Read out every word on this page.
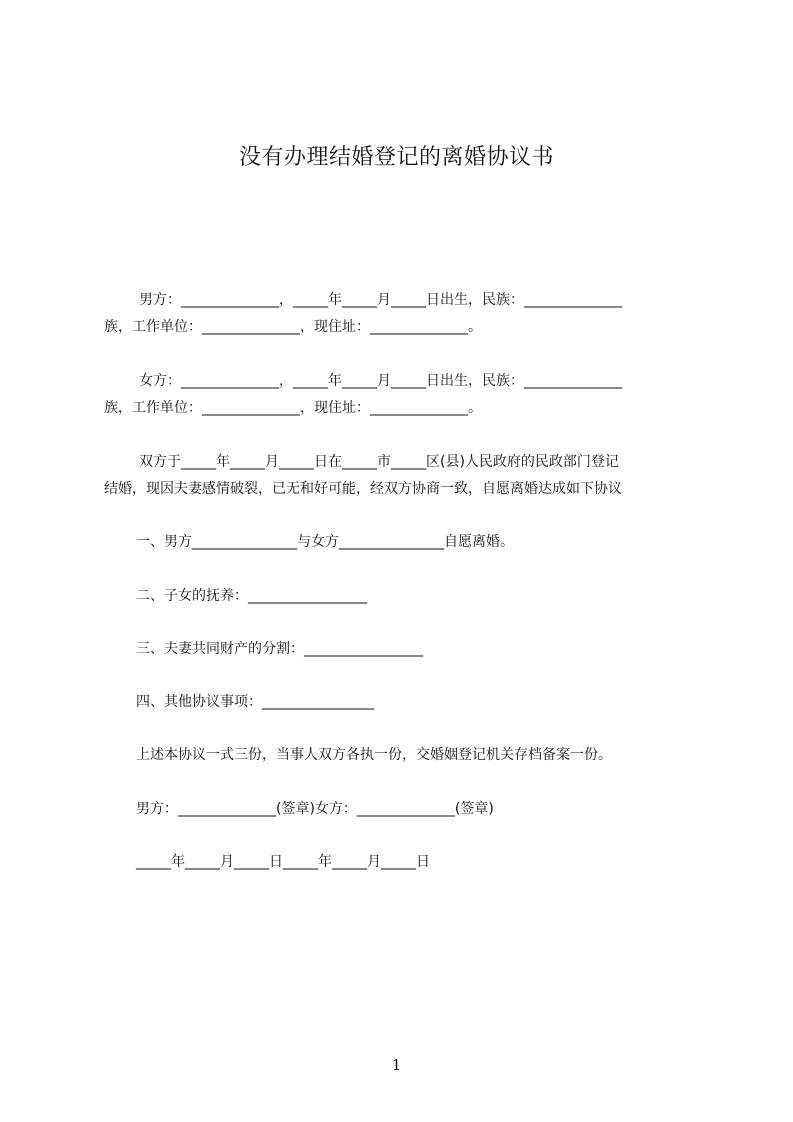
没有办理结婚登记的离婚协议书
男方：______________，_____年_____月_____日出生，民族：______________
族，工作单位：______________，现住址：______________。
女方：______________，_____年_____月_____日出生，民族：______________
族，工作单位：______________，现住址：______________。
双方于_____年_____月_____日在_____市_____区(县)人民政府的民政部门登记
结婚，现因夫妻感情破裂，已无和好可能，经双方协商一致，自愿离婚达成如下协议
一、男方_______________与女方_______________自愿离婚。
二、子女的抚养：_________________
三、夫妻共同财产的分割：_________________
四、其他协议事项：________________
上述本协议一式三份，当事人双方各执一份，交婚姻登记机关存档备案一份。
男方：______________(签章)女方：______________(签章)
_____年_____月_____日_____年_____月_____日
1
